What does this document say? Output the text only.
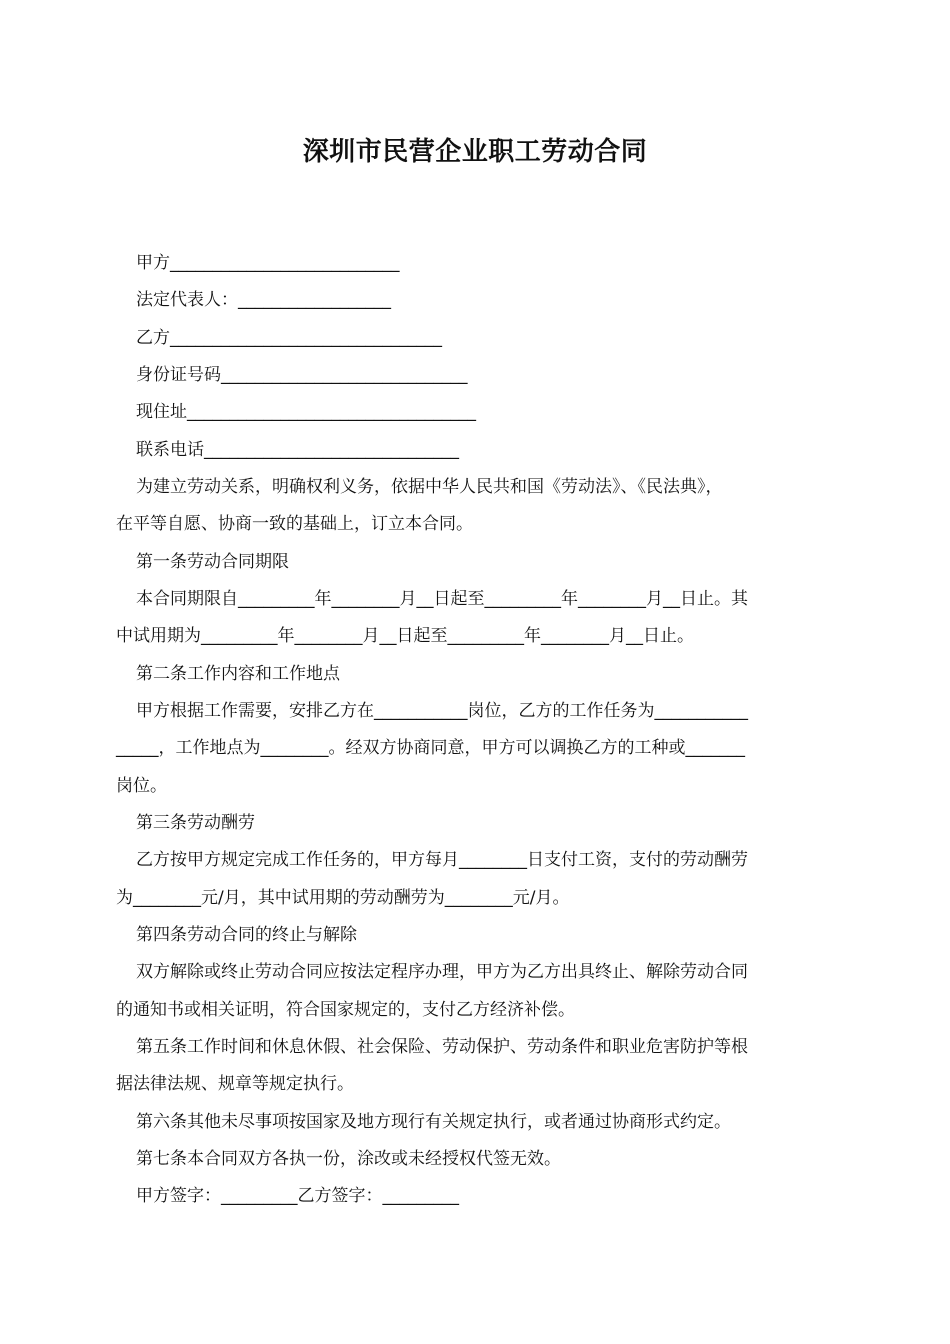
深圳市民营企业职工劳动合同
甲方___________________________
法定代表人：__________________
乙方________________________________
身份证号码_____________________________
现住址__________________________________
联系电话______________________________
为建立劳动关系，明确权利义务，依据中华人民共和国《劳动法》、《民法典》，
在平等自愿、协商一致的基础上，订立本合同。
第一条劳动合同期限
本合同期限自_________年________月__日起至_________年________月__日止。其
中试用期为_________年________月__日起至_________年________月__日止。
第二条工作内容和工作地点
甲方根据工作需要，安排乙方在___________岗位，乙方的工作任务为___________
_____，工作地点为________。经双方协商同意，甲方可以调换乙方的工种或_______
岗位。
第三条劳动酬劳
乙方按甲方规定完成工作任务的，甲方每月________日支付工资，支付的劳动酬劳
为________元/月，其中试用期的劳动酬劳为________元/月。
第四条劳动合同的终止与解除
双方解除或终止劳动合同应按法定程序办理，甲方为乙方出具终止、解除劳动合同
的通知书或相关证明，符合国家规定的，支付乙方经济补偿。
第五条工作时间和休息休假、社会保险、劳动保护、劳动条件和职业危害防护等根
据法律法规、规章等规定执行。
第六条其他未尽事项按国家及地方现行有关规定执行，或者通过协商形式约定。
第七条本合同双方各执一份，涂改或未经授权代签无效。
甲方签字：_________乙方签字：_________
